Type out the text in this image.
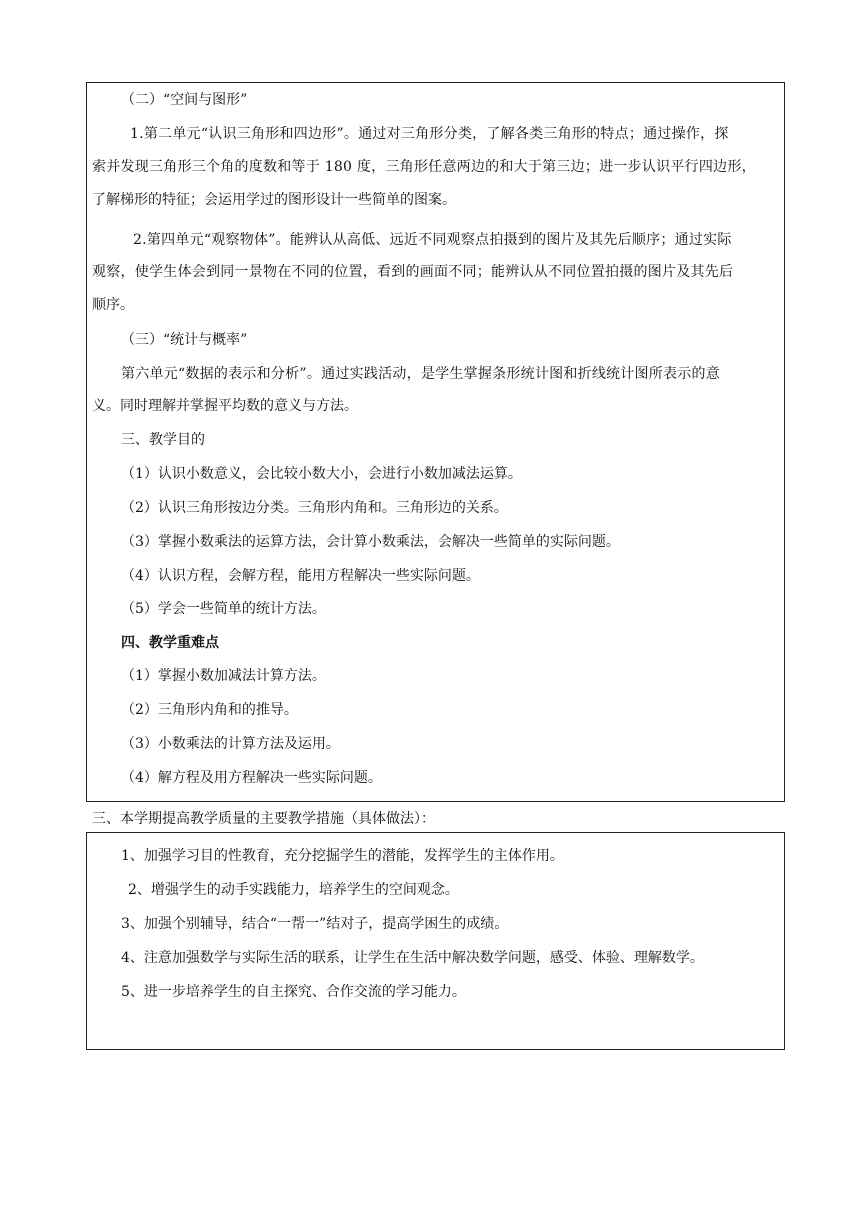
（二）“空间与图形”
1.第二单元“认识三角形和四边形”。通过对三角形分类，了解各类三角形的特点；通过操作，探
索并发现三角形三个角的度数和等于 180 度，三角形任意两边的和大于第三边；进一步认识平行四边形，
了解梯形的特征；会运用学过的图形设计一些简单的图案。
2.第四单元“观察物体”。能辨认从高低、远近不同观察点拍摄到的图片及其先后顺序；通过实际
观察，使学生体会到同一景物在不同的位置，看到的画面不同；能辨认从不同位置拍摄的图片及其先后
顺序。
（三）“统计与概率”
第六单元“数据的表示和分析”。通过实践活动，是学生掌握条形统计图和折线统计图所表示的意
义。同时理解并掌握平均数的意义与方法。
三、教学目的
（1）认识小数意义，会比较小数大小，会进行小数加减法运算。
（2）认识三角形按边分类。三角形内角和。三角形边的关系。
（3）掌握小数乘法的运算方法，会计算小数乘法，会解决一些简单的实际问题。
（4）认识方程，会解方程，能用方程解决一些实际问题。
（5）学会一些简单的统计方法。
四、教学重难点
（1）掌握小数加减法计算方法。
（2）三角形内角和的推导。
（3）小数乘法的计算方法及运用。
（4）解方程及用方程解决一些实际问题。
三、本学期提高教学质量的主要教学措施（具体做法）：
1、加强学习目的性教育，充分挖掘学生的潜能，发挥学生的主体作用。
2、增强学生的动手实践能力，培养学生的空间观念。
3、加强个别辅导，结合“一帮一”结对子，提高学困生的成绩。
4、注意加强数学与实际生活的联系，让学生在生活中解决数学问题，感受、体验、理解数学。
5、进一步培养学生的自主探究、合作交流的学习能力。
